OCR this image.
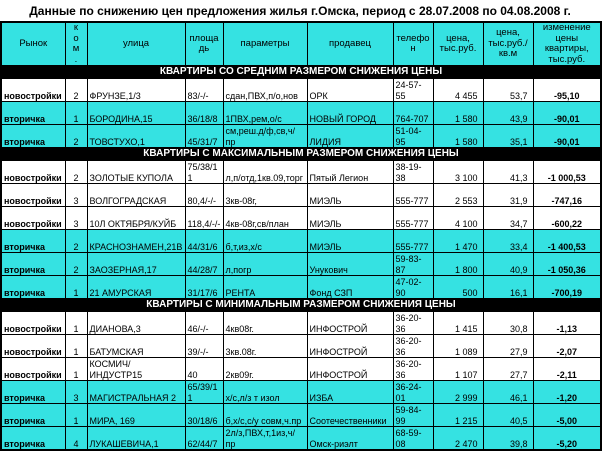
Данные по снижению цен предложения жилья г.Омска, период с 28.07.2008 по 04.08.2008 г.
Рынок	ком.	улица	площадь	параметры	продавец	телефон	цена, тыс.руб.	цена, тыс.руб./кв.м	изменение цены квартиры, тыс.руб.
КВАРТИРЫ СО СРЕДНИМ РАЗМЕРОМ СНИЖЕНИЯ ЦЕНЫ									
новостройки	2	ФРУНЗЕ,1/3	83/-/-	сдан,ПВХ,п/о,нов	ОРК	24-57-55	4 455	53,7	-95,10
вторичка	1	БОРОДИНА,15	36/18/8	1ПВХ,рем,о/с	НОВЫЙ ГОРОД	764-707	1 580	43,9	-90,01
вторичка	2	ТОВСТУХО,1	45/31/7	см,реш.д/ф,св,ч/пр	ЛИДИЯ	51-04-95	1 580	35,1	-90,01
КВАРТИРЫ С МАКСИМАЛЬНЫМ РАЗМЕРОМ СНИЖЕНИЯ ЦЕНЫ									
новостройки	2	ЗОЛОТЫЕ КУПОЛА	75/38/11	л,п/отд,1кв.09,торг	Пятый Легион	38-19-38	3 100	41,3	-1 000,53
новостройки	3	ВОЛГОГРАДСКАЯ	80,4/-/-	3кв-08г,	МИЭЛЬ	555-777	2 553	31,9	-747,16
новостройки	3	10Л ОКТЯБРЯ/КУЙБ	118,4/-/-	4кв-08г,св/план	МИЭЛЬ	555-777	4 100	34,7	-600,22
вторичка	2	КРАСНОЗНАМЕН,21В	44/31/6	б,т,из,х/с	МИЭЛЬ	555-777	1 470	33,4	-1 400,53
вторичка	2	ЗАОЗЕРНАЯ,17	44/28/7	л,погр	Унукович	59-83-87	1 800	40,9	-1 050,36
вторичка	1	21 АМУРСКАЯ	31/17/6	РЕНТА	Фонд СЗП	47-02-90	500	16,1	-700,19
КВАРТИРЫ С МИНИМАЛЬНЫМ РАЗМЕРОМ СНИЖЕНИЯ ЦЕНЫ									
новостройки	1	ДИАНОВА,3	46/-/-	4кв08г.	ИНФОСТРОЙ	36-20-36	1 415	30,8	-1,13
новостройки	1	БАТУМСКАЯ	39/-/-	3кв.08г.	ИНФОСТРОЙ	36-20-36	1 089	27,9	-2,07
новостройки	1	КОСМИЧ/ИНДУСТР15	40	2кв09г.	ИНФОСТРОЙ	36-20-36	1 107	27,7	-2,11
вторичка	3	МАГИСТРАЛЬНАЯ 2	65/39/11	х/с,л/з т изол	ИЗБА	36-24-01	2 999	46,1	-1,20
вторичка	1	МИРА, 169	30/18/6	б,х/с,с/у совм,ч.пр	Соотечественники	59-84-99	1 215	40,5	-5,00
вторичка	4	ЛУКАШЕВИЧА,1	62/44/7	2л/з,ПВХ,т,1из,ч/пр	Омск-риэлт	68-59-08	2 470	39,8	-5,20
